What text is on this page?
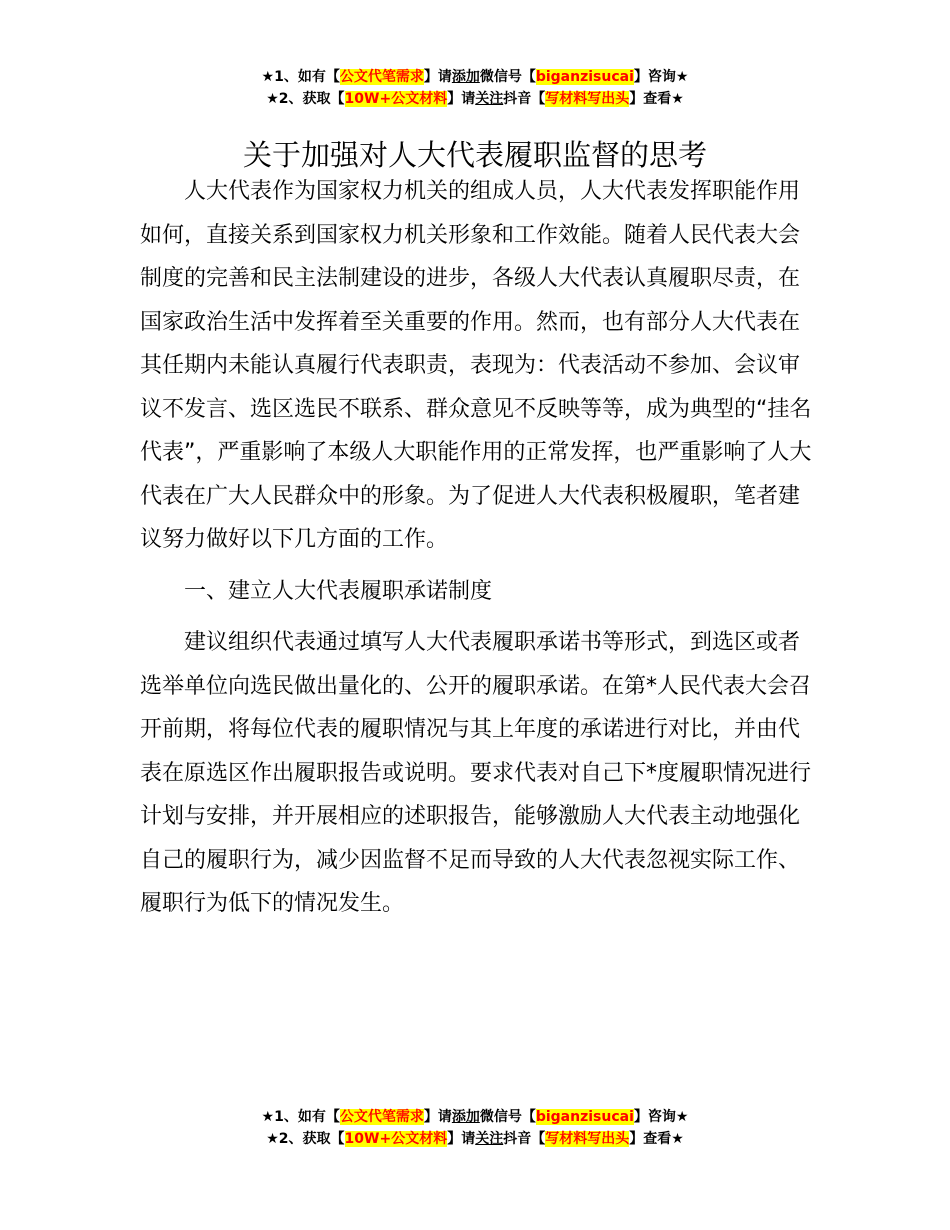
★1、如有【公文代笔需求】请添加微信号【biganzisucai】咨询★
★2、获取【10W+公文材料】请关注抖音【写材料写出头】查看★
关于加强对人大代表履职监督的思考

人大代表作为国家权力机关的组成人员，人大代表发挥职能作用如何，直接关系到国家权力机关形象和工作效能。随着人民代表大会制度的完善和民主法制建设的进步，各级人大代表认真履职尽责，在国家政治生活中发挥着至关重要的作用。然而，也有部分人大代表在其任期内未能认真履行代表职责，表现为：代表活动不参加、会议审议不发言、选区选民不联系、群众意见不反映等等，成为典型的“挂名代表”，严重影响了本级人大职能作用的正常发挥，也严重影响了人大代表在广大人民群众中的形象。为了促进人大代表积极履职，笔者建议努力做好以下几方面的工作。

一、建立人大代表履职承诺制度

建议组织代表通过填写人大代表履职承诺书等形式，到选区或者选举单位向选民做出量化的、公开的履职承诺。在第*人民代表大会召开前期，将每位代表的履职情况与其上年度的承诺进行对比，并由代表在原选区作出履职报告或说明。要求代表对自己下*度履职情况进行计划与安排，并开展相应的述职报告，能够激励人大代表主动地强化自己的履职行为，减少因监督不足而导致的人大代表忽视实际工作、履职行为低下的情况发生。

★1、如有【公文代笔需求】请添加微信号【biganzisucai】咨询★
★2、获取【10W+公文材料】请关注抖音【写材料写出头】查看★
